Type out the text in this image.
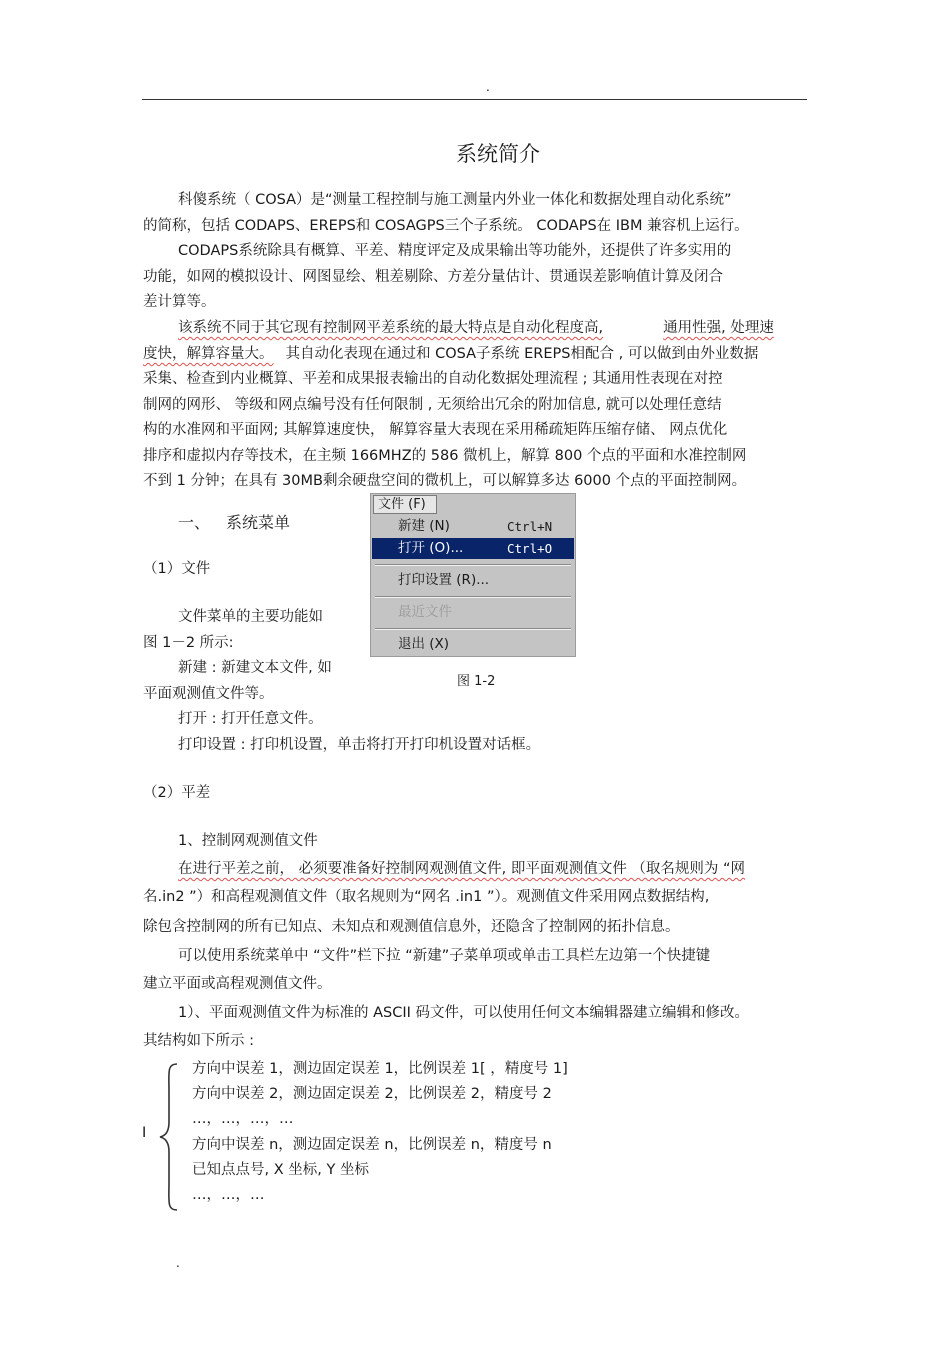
.
系统简介
科傻系统（ COSA）是“测量工程控制与施工测量内外业一体化和数据处理自动化系统”
的简称，包括 CODAPS、EREPS和 COSAGPS三个子系统。 CODAPS在 IBM 兼容机上运行。
CODAPS系统除具有概算、平差、精度评定及成果输出等功能外，还提供了许多实用的
功能，如网的模拟设计、网图显绘、粗差剔除、方差分量估计、贯通误差影响值计算及闭合
差计算等。
该系统不同于其它现有控制网平差系统的最大特点是自动化程度高,	通用性强, 处理速
度快，解算容量大。 其自动化表现在通过和 COSA子系统 EREPS相配合 , 可以做到由外业数据
采集、检查到内业概算、平差和成果报表输出的自动化数据处理流程 ; 其通用性表现在对控
制网的网形、 等级和网点编号没有任何限制 , 无须给出冗余的附加信息, 就可以处理任意结
构的水准网和平面网; 其解算速度快， 解算容量大表现在采用稀疏矩阵压缩存储、 网点优化
排序和虚拟内存等技术，在主频 166MHZ的 586 微机上，解算 800 个点的平面和水准控制网
不到 1 分钟；在具有 30MB剩余硬盘空间的微机上，可以解算多达 6000 个点的平面控制网。
一、 系统菜单
（1）文件
文件菜单的主要功能如
图 1－2 所示:
新建 : 新建文本文件, 如
平面观测值文件等。
打开 : 打开任意文件。
打印设置 : 打印机设置，单击将打开打印机设置对话框。
文件 (F)
新建 (N)	Ctrl+N
打开 (O)...	Ctrl+O
打印设置 (R)...
最近文件
退出 (X)
图 1-2
（2）平差
1、控制网观测值文件
在进行平差之前， 必须要准备好控制网观测值文件, 即平面观测值文件 （取名规则为 “网
名.in2 ”）和高程观测值文件（取名规则为“网名 .in1 ”）。观测值文件采用网点数据结构,
除包含控制网的所有已知点、未知点和观测值信息外，还隐含了控制网的拓扑信息。
可以使用系统菜单中 “文件”栏下拉 “新建”子菜单项或单击工具栏左边第一个快捷键
建立平面或高程观测值文件。
1）、平面观测值文件为标准的 ASCII 码文件，可以使用任何文本编辑器建立编辑和修改。
其结构如下所示 :
I
方向中误差 1，测边固定误差 1，比例误差 1[ ，精度号 1]
方向中误差 2，测边固定误差 2，比例误差 2，精度号 2
…，…，…，…
方向中误差 n，测边固定误差 n，比例误差 n，精度号 n
已知点点号, X 坐标, Y 坐标
…，…，…
.
